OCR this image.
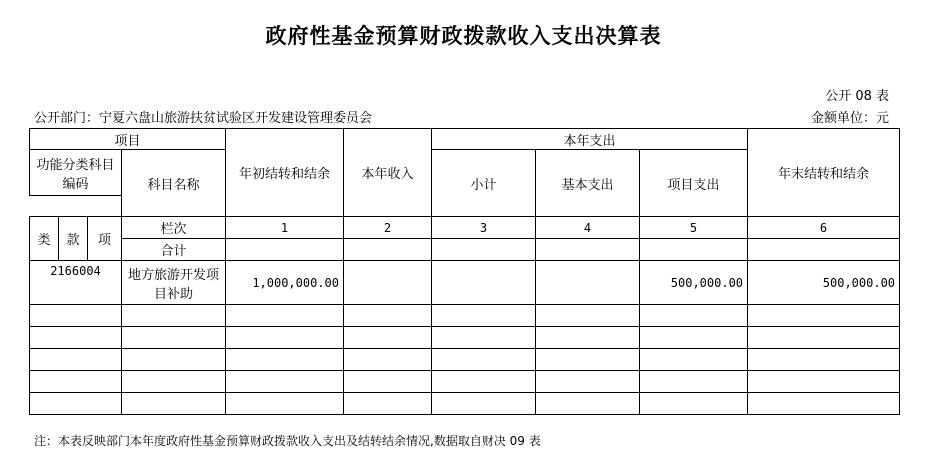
政府性基金预算财政拨款收入支出决算表
公开 08 表
公开部门：宁夏六盘山旅游扶贫试验区开发建设管理委员会	金额单位：元
项目				年初结转和结余	本年收入	本年支出			年末结转和结余
功能分类科目编码			科目名称			小计	基本支出	项目支出	

类	款	项	栏次	1	2	3	4	5	6
			合计						
2166004			地方旅游开发项目补助	1,000,000.00				500,000.00	500,000.00

注：本表反映部门本年度政府性基金预算财政拨款收入支出及结转结余情况,数据取自财决 09 表
